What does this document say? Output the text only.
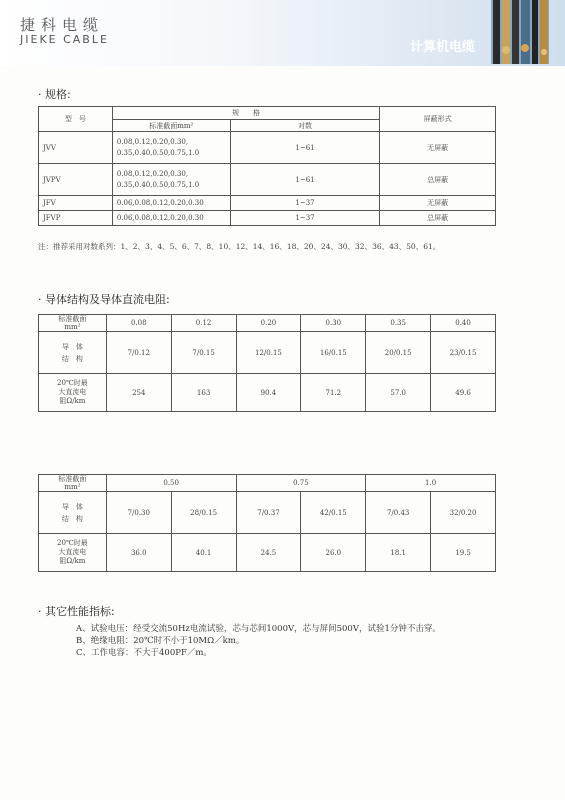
捷科电缆
JIEKE CABLE
计算机电缆
· 规格:
型　号	规　　格		屏蔽形式
	标准截面mm²	对数	
JVV	0.08,0.12,0.20,0.30,
0.35,0.40,0.50,0.75,1.0	1~61	无屏蔽
JVPV	0.08,0.12,0.20,0.30,
0.35,0.40,0.50,0.75,1.0	1~61	总屏蔽
JFV	0.06,0.08,0.12,0.20,0.30	1~37	无屏蔽
JFVP	0.06,0.08,0.12,0.20,0.30	1~37	总屏蔽
注：推荐采用对数系列：1、2、3、4、5、6、7、8、10、12、14、16、18、20、24、30、32、36、43、50、61。
· 导体结构及导体直流电阻:
标准截面
mm²	0.08	0.12	0.20	0.30	0.35	0.40
导　体
结　构	7/0.12	7/0.15	12/0.15	16/0.15	20/0.15	23/0.15
20℃时最
大直流电
阻Ω/km	254	163	90.4	71.2	57.0	49.6
标准截面
mm²	0.50		0.75		1.0	
导　体
结　构	7/0.30	28/0.15	7/0.37	42/0.15	7/0.43	32/0.20
20℃时最
大直流电
阻Ω/km	36.0	40.1	24.5	26.0	18.1	19.5
· 其它性能指标:
A、试验电压：经受交流50Hz电流试验，芯与芯间1000V，芯与屏间500V，试验1分钟不击穿。
B、绝缘电阻：20℃时不小于10MΩ／km。
C、工作电容：不大于400PF／m。
